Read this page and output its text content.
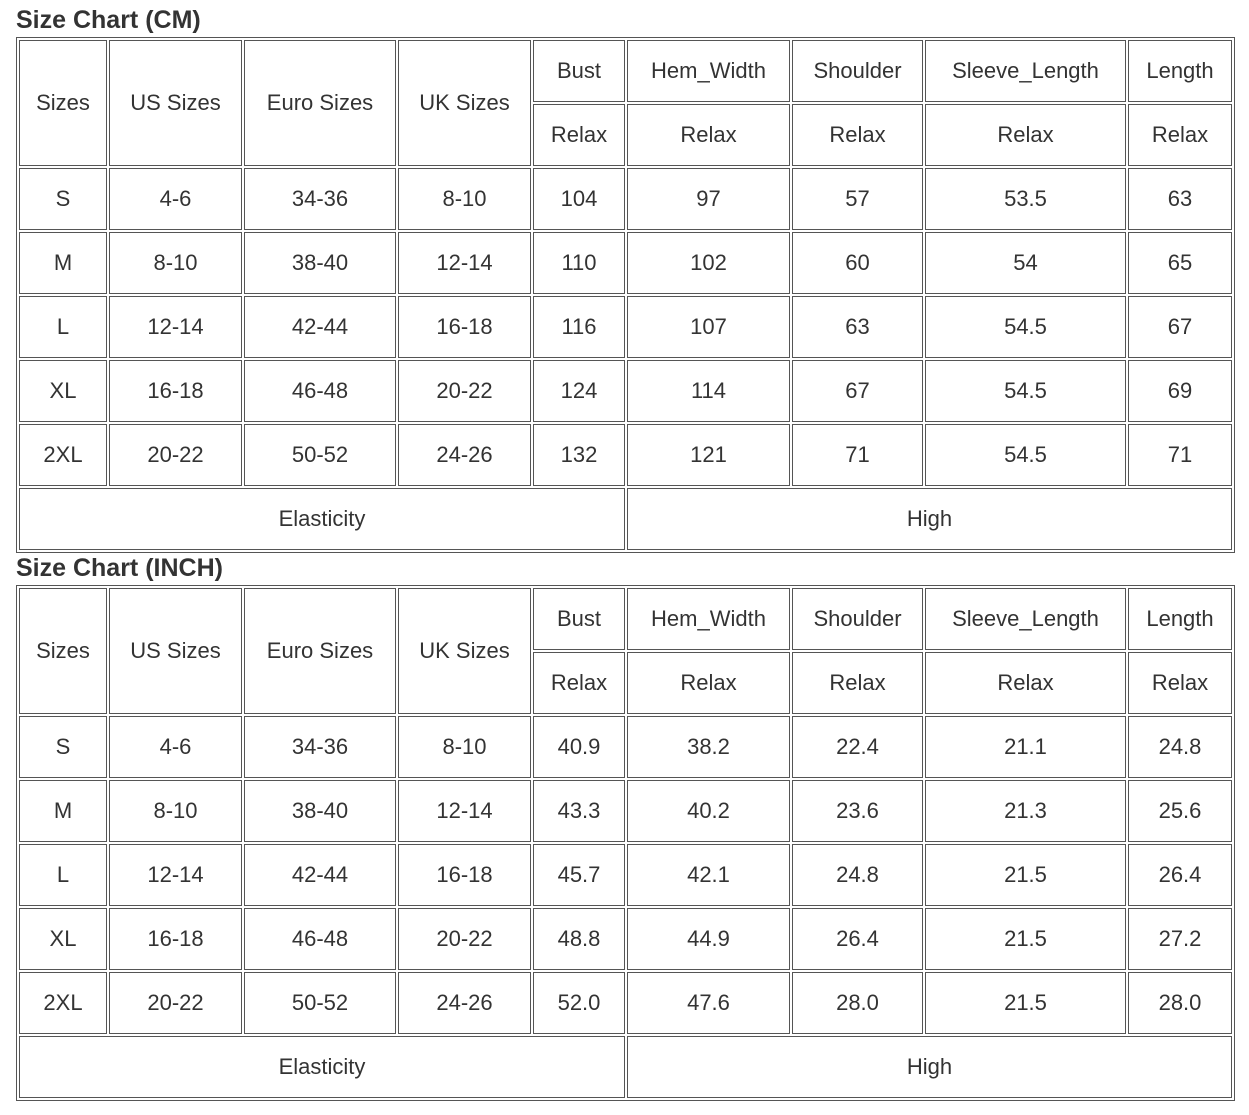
Size Chart (CM)
Sizes	US Sizes	Euro Sizes	UK Sizes	Bust	Hem_Width	Shoulder	Sleeve_Length	Length
				Relax	Relax	Relax	Relax	Relax
S	4-6	34-36	8-10	104	97	57	53.5	63
M	8-10	38-40	12-14	110	102	60	54	65
L	12-14	42-44	16-18	116	107	63	54.5	67
XL	16-18	46-48	20-22	124	114	67	54.5	69
2XL	20-22	50-52	24-26	132	121	71	54.5	71
Elasticity					High			
Size Chart (INCH)
Sizes	US Sizes	Euro Sizes	UK Sizes	Bust	Hem_Width	Shoulder	Sleeve_Length	Length
				Relax	Relax	Relax	Relax	Relax
S	4-6	34-36	8-10	40.9	38.2	22.4	21.1	24.8
M	8-10	38-40	12-14	43.3	40.2	23.6	21.3	25.6
L	12-14	42-44	16-18	45.7	42.1	24.8	21.5	26.4
XL	16-18	46-48	20-22	48.8	44.9	26.4	21.5	27.2
2XL	20-22	50-52	24-26	52.0	47.6	28.0	21.5	28.0
Elasticity					High			
